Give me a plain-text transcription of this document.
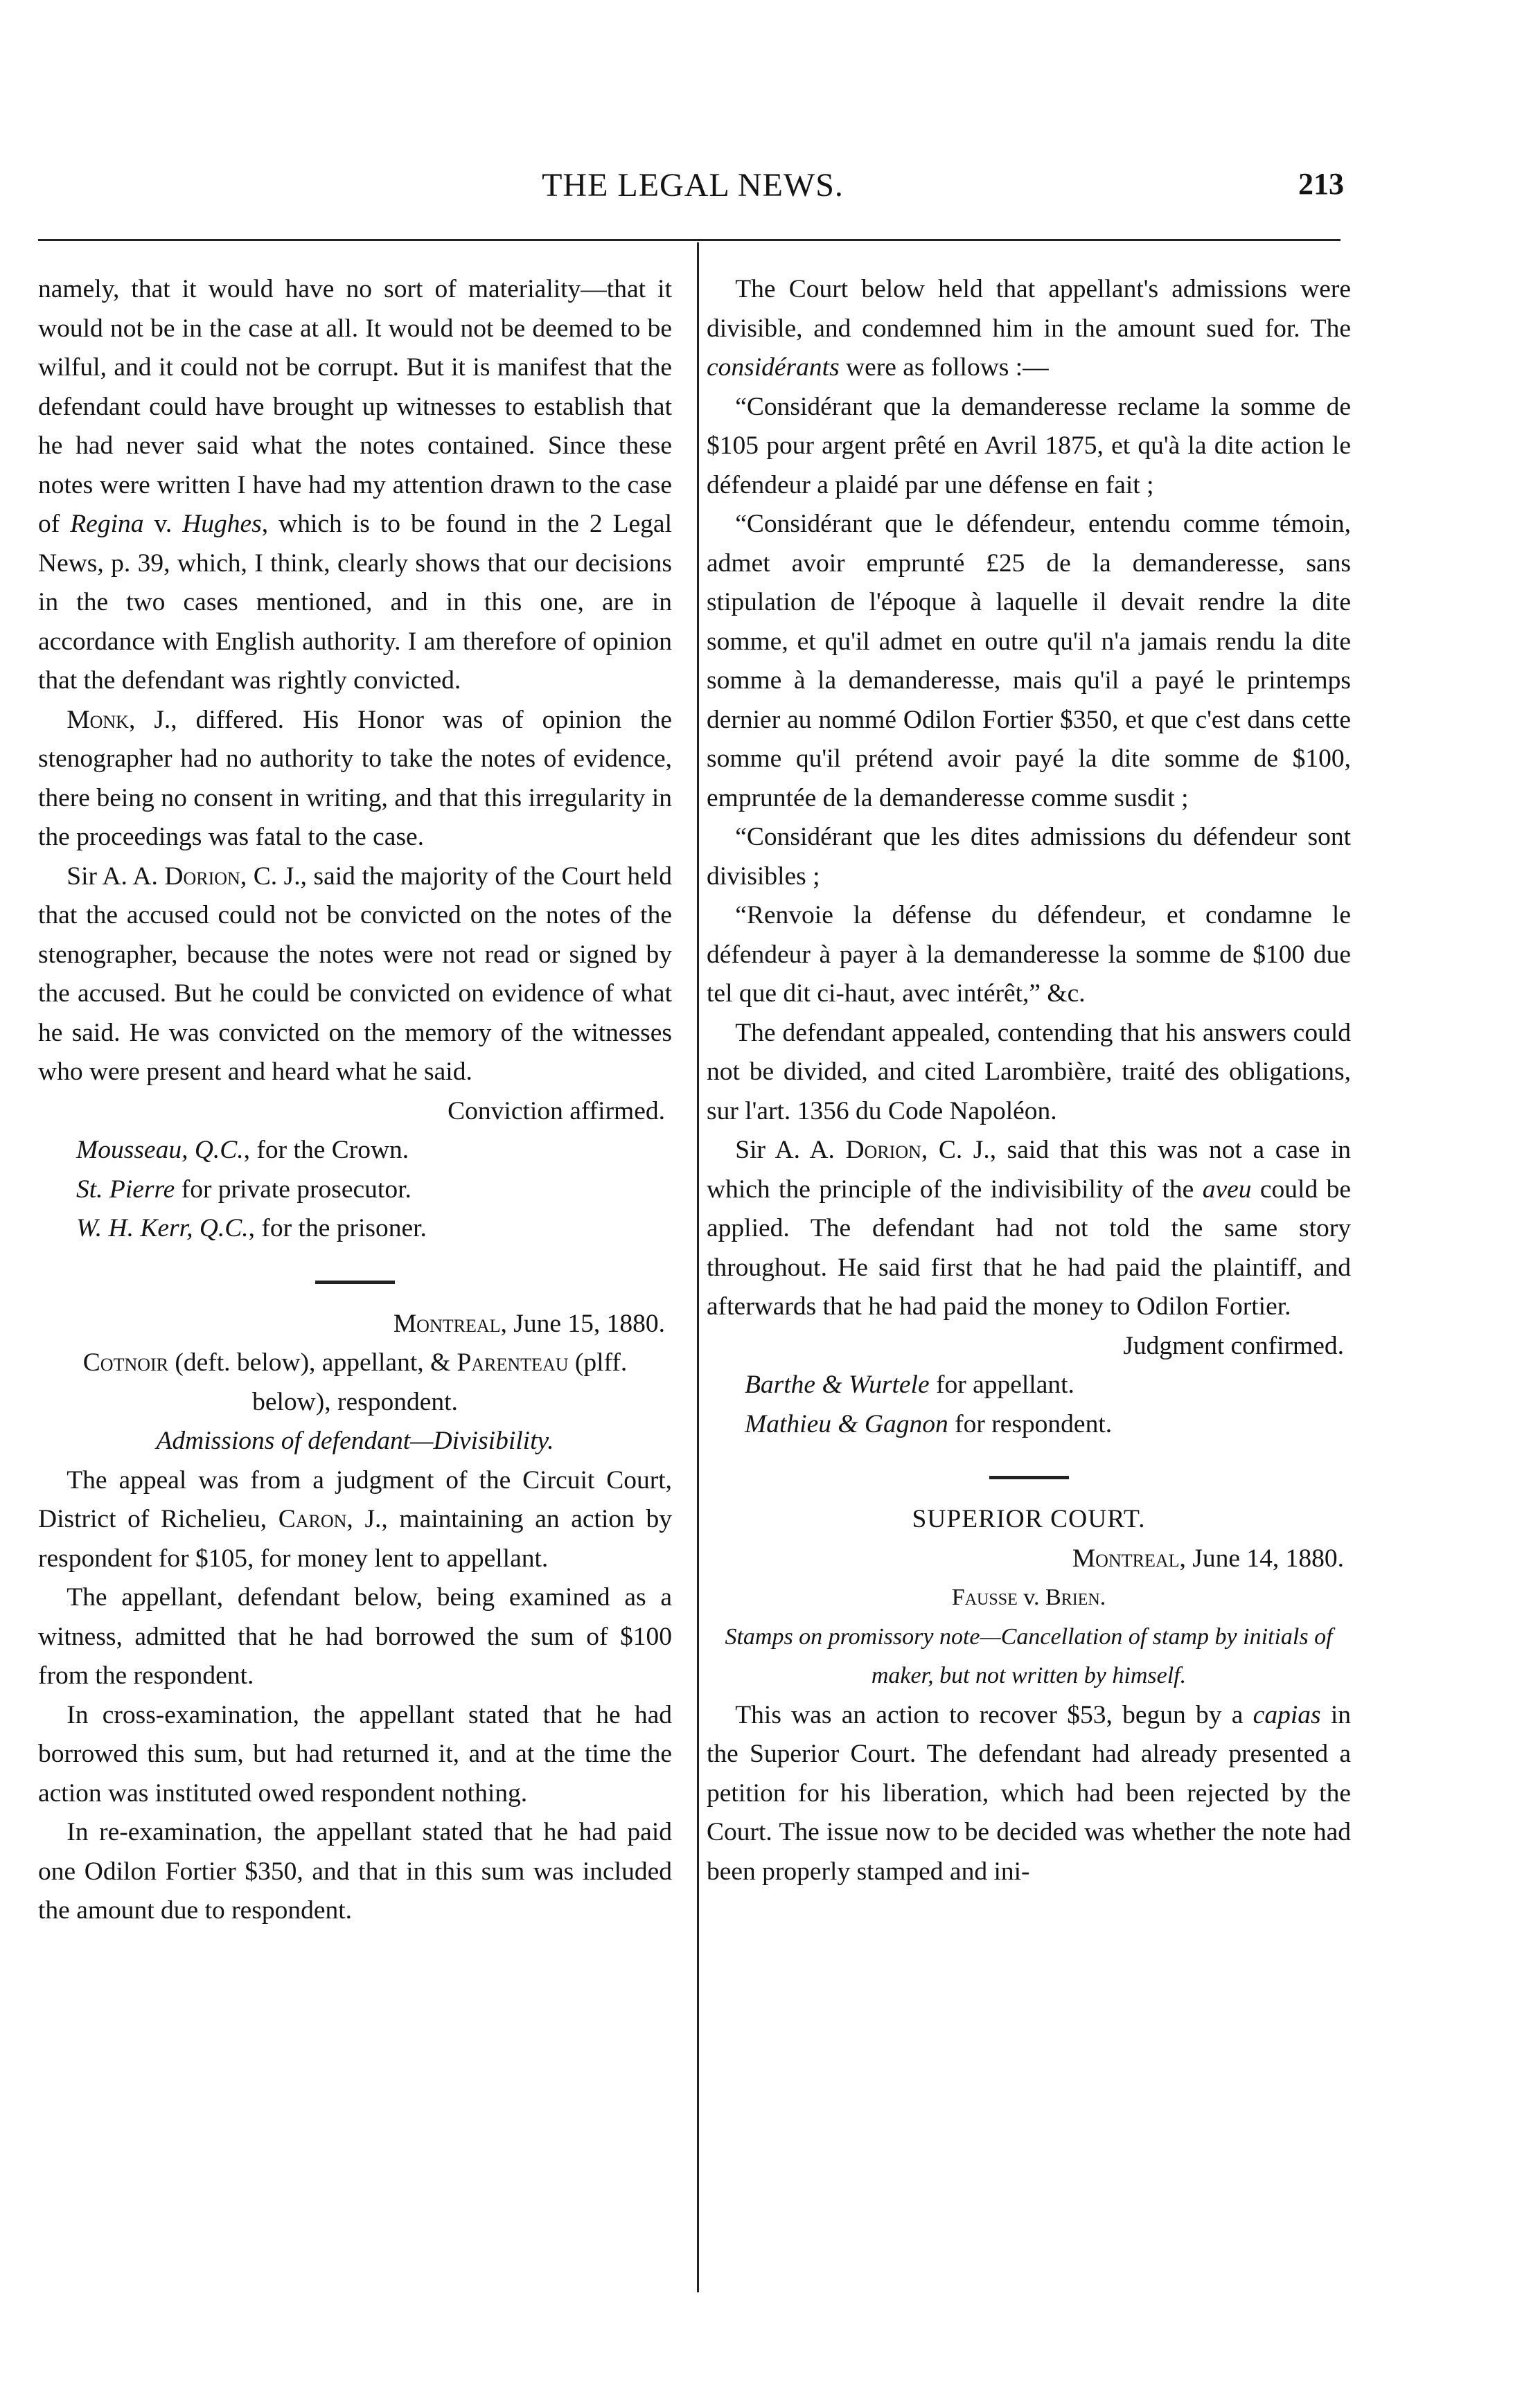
THE LEGAL NEWS.	213

namely, that it would have no sort of materiality—that it would not be in the case at all. It would not be deemed to be wilful, and it could not be corrupt. But it is manifest that the defendant could have brought up witnesses to establish that he had never said what the notes contained. Since these notes were written I have had my attention drawn to the case of Regina v. Hughes, which is to be found in the 2 Legal News, p. 39, which, I think, clearly shows that our decisions in the two cases mentioned, and in this one, are in accordance with English authority. I am therefore of opinion that the defendant was rightly convicted.

Monk, J., differed. His Honor was of opinion the stenographer had no authority to take the notes of evidence, there being no consent in writing, and that this irregularity in the proceedings was fatal to the case.

Sir A. A. Dorion, C. J., said the majority of the Court held that the accused could not be convicted on the notes of the stenographer, because the notes were not read or signed by the accused. But he could be convicted on evidence of what he said. He was convicted on the memory of the witnesses who were present and heard what he said.

Conviction affirmed.

Mousseau, Q.C., for the Crown.

St. Pierre for private prosecutor.

W. H. Kerr, Q.C., for the prisoner.

Montreal, June 15, 1880.

Cotnoir (deft. below), appellant, & Parenteau (plff. below), respondent.

Admissions of defendant—Divisibility.

The appeal was from a judgment of the Circuit Court, District of Richelieu, Caron, J., maintaining an action by respondent for $105, for money lent to appellant.

The appellant, defendant below, being examined as a witness, admitted that he had borrowed the sum of $100 from the respondent.

In cross-examination, the appellant stated that he had borrowed this sum, but had returned it, and at the time the action was instituted owed respondent nothing.

In re-examination, the appellant stated that he had paid one Odilon Fortier $350, and that in this sum was included the amount due to respondent.

The Court below held that appellant's admissions were divisible, and condemned him in the amount sued for. The considérants were as follows :—

“Considérant que la demanderesse reclame la somme de $105 pour argent prêté en Avril 1875, et qu'à la dite action le défendeur a plaidé par une défense en fait ;

“Considérant que le défendeur, entendu comme témoin, admet avoir emprunté £25 de la demanderesse, sans stipulation de l'époque à laquelle il devait rendre la dite somme, et qu'il admet en outre qu'il n'a jamais rendu la dite somme à la demanderesse, mais qu'il a payé le printemps dernier au nommé Odilon Fortier $350, et que c'est dans cette somme qu'il prétend avoir payé la dite somme de $100, empruntée de la demanderesse comme susdit ;

“Considérant que les dites admissions du défendeur sont divisibles ;

“Renvoie la défense du défendeur, et condamne le défendeur à payer à la demanderesse la somme de $100 due tel que dit ci-haut, avec intérêt,” &c.

The defendant appealed, contending that his answers could not be divided, and cited Larombière, traité des obligations, sur l'art. 1356 du Code Napoléon.

Sir A. A. Dorion, C. J., said that this was not a case in which the principle of the indivisibility of the aveu could be applied. The defendant had not told the same story throughout. He said first that he had paid the plaintiff, and afterwards that he had paid the money to Odilon Fortier.

Judgment confirmed.

Barthe & Wurtele for appellant.

Mathieu & Gagnon for respondent.

SUPERIOR COURT.

Montreal, June 14, 1880.

Fausse v. Brien.

Stamps on promissory note—Cancellation of stamp by initials of maker, but not written by himself.

This was an action to recover $53, begun by a capias in the Superior Court. The defendant had already presented a petition for his liberation, which had been rejected by the Court. The issue now to be decided was whether the note had been properly stamped and ini-
